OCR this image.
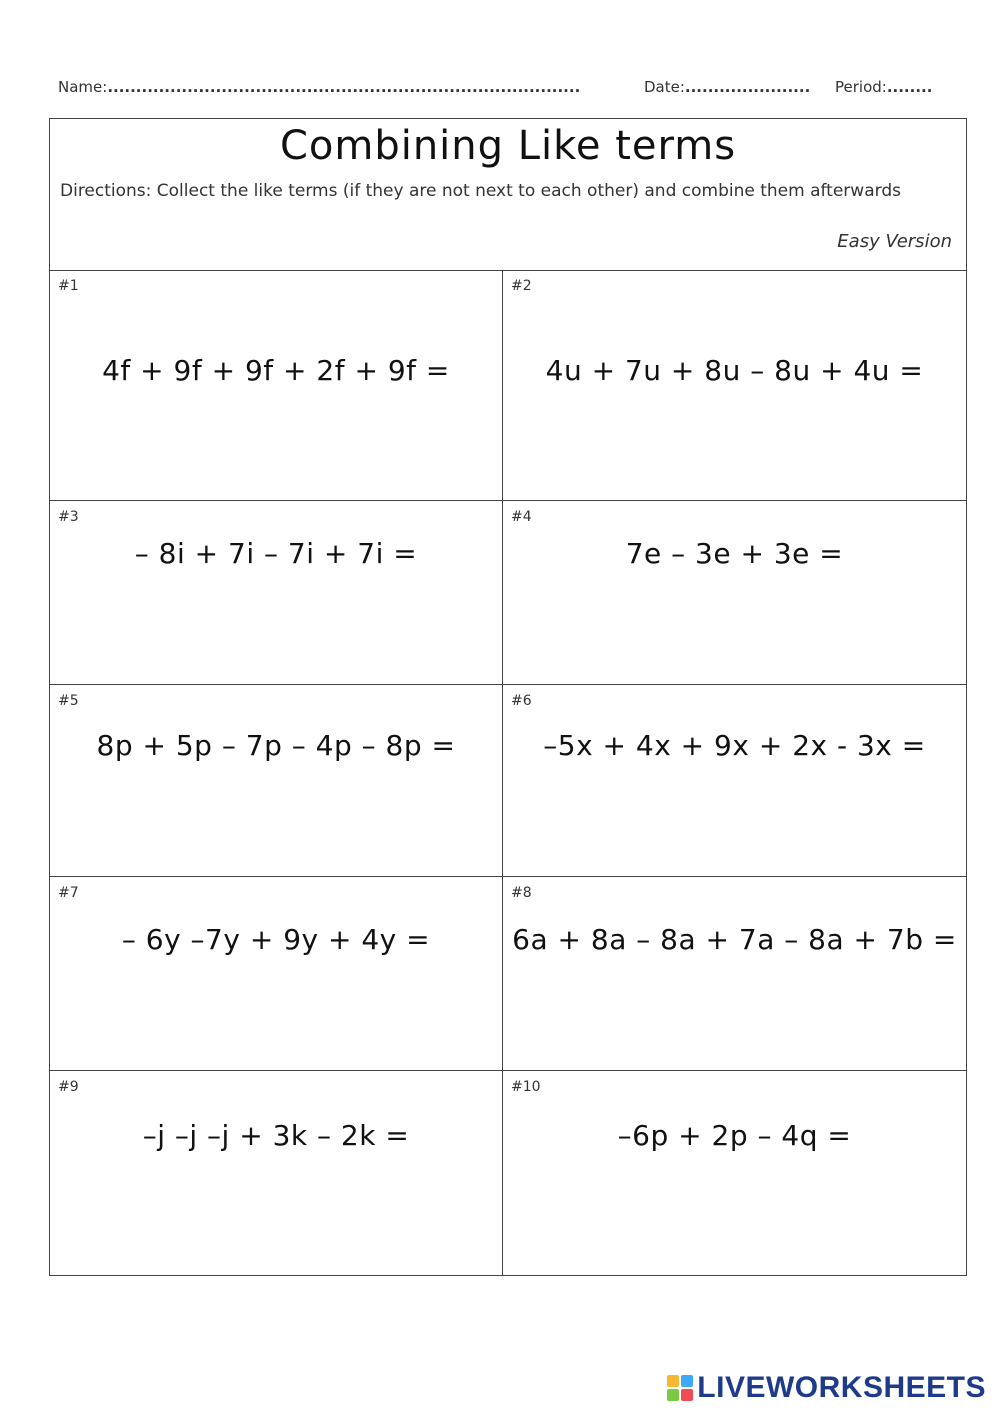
Name:...................................................................................	Date:...................... Period:........
Combining Like terms
Directions: Collect the like terms (if they are not next to each other) and combine them afterwards
Easy Version
#1
4f + 9f + 9f + 2f + 9f =
#2
4u + 7u + 8u – 8u + 4u =
#3
– 8i + 7i – 7i + 7i =
#4
7e – 3e + 3e =
#5
8p + 5p – 7p – 4p – 8p =
#6
–5x + 4x + 9x + 2x - 3x =
#7
– 6y –7y + 9y + 4y =
#8
6a + 8a – 8a + 7a – 8a + 7b =
#9
–j –j –j + 3k – 2k =
#10
–6p + 2p – 4q =
LIVEWORKSHEETS
